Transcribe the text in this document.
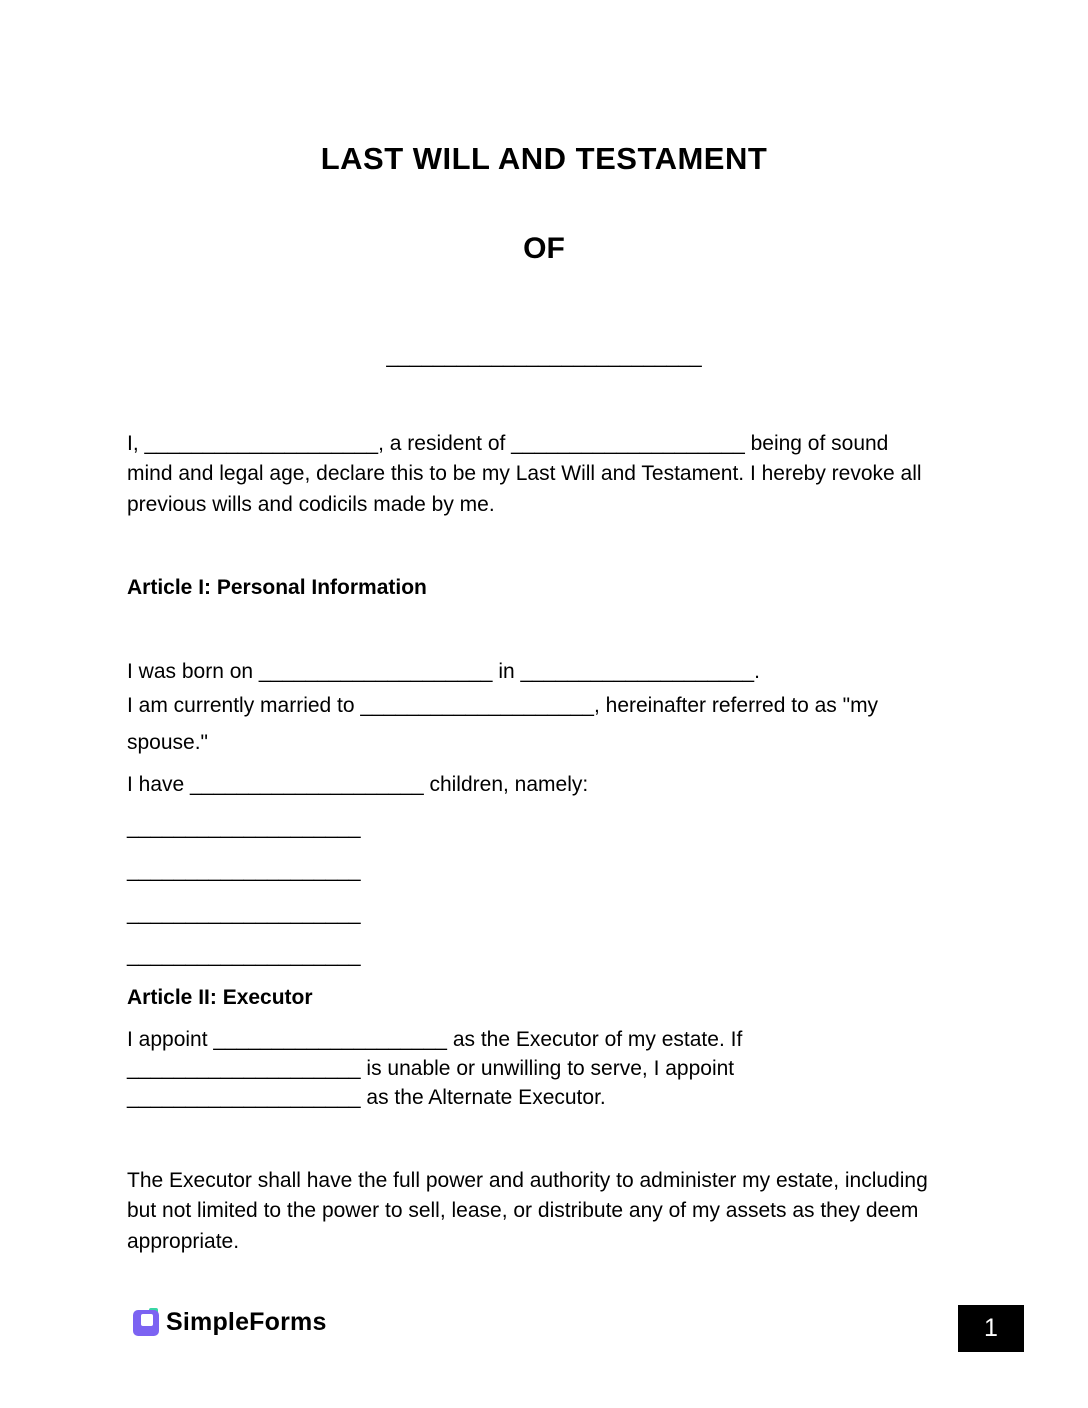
LAST WILL AND TESTAMENT
OF
___________________________
I, ____________________, a resident of ____________________ being of sound
mind and legal age, declare this to be my Last Will and Testament. I hereby revoke all
previous wills and codicils made by me.
Article I: Personal Information
I was born on ____________________ in ____________________.
I am currently married to ____________________, hereinafter referred to as "my
spouse."
I have ____________________ children, namely:
____________________
____________________
____________________
____________________
Article II: Executor
I appoint ____________________ as the Executor of my estate. If
____________________ is unable or unwilling to serve, I appoint
____________________ as the Alternate Executor.
The Executor shall have the full power and authority to administer my estate, including
but not limited to the power to sell, lease, or distribute any of my assets as they deem
appropriate.
SimpleForms	1
